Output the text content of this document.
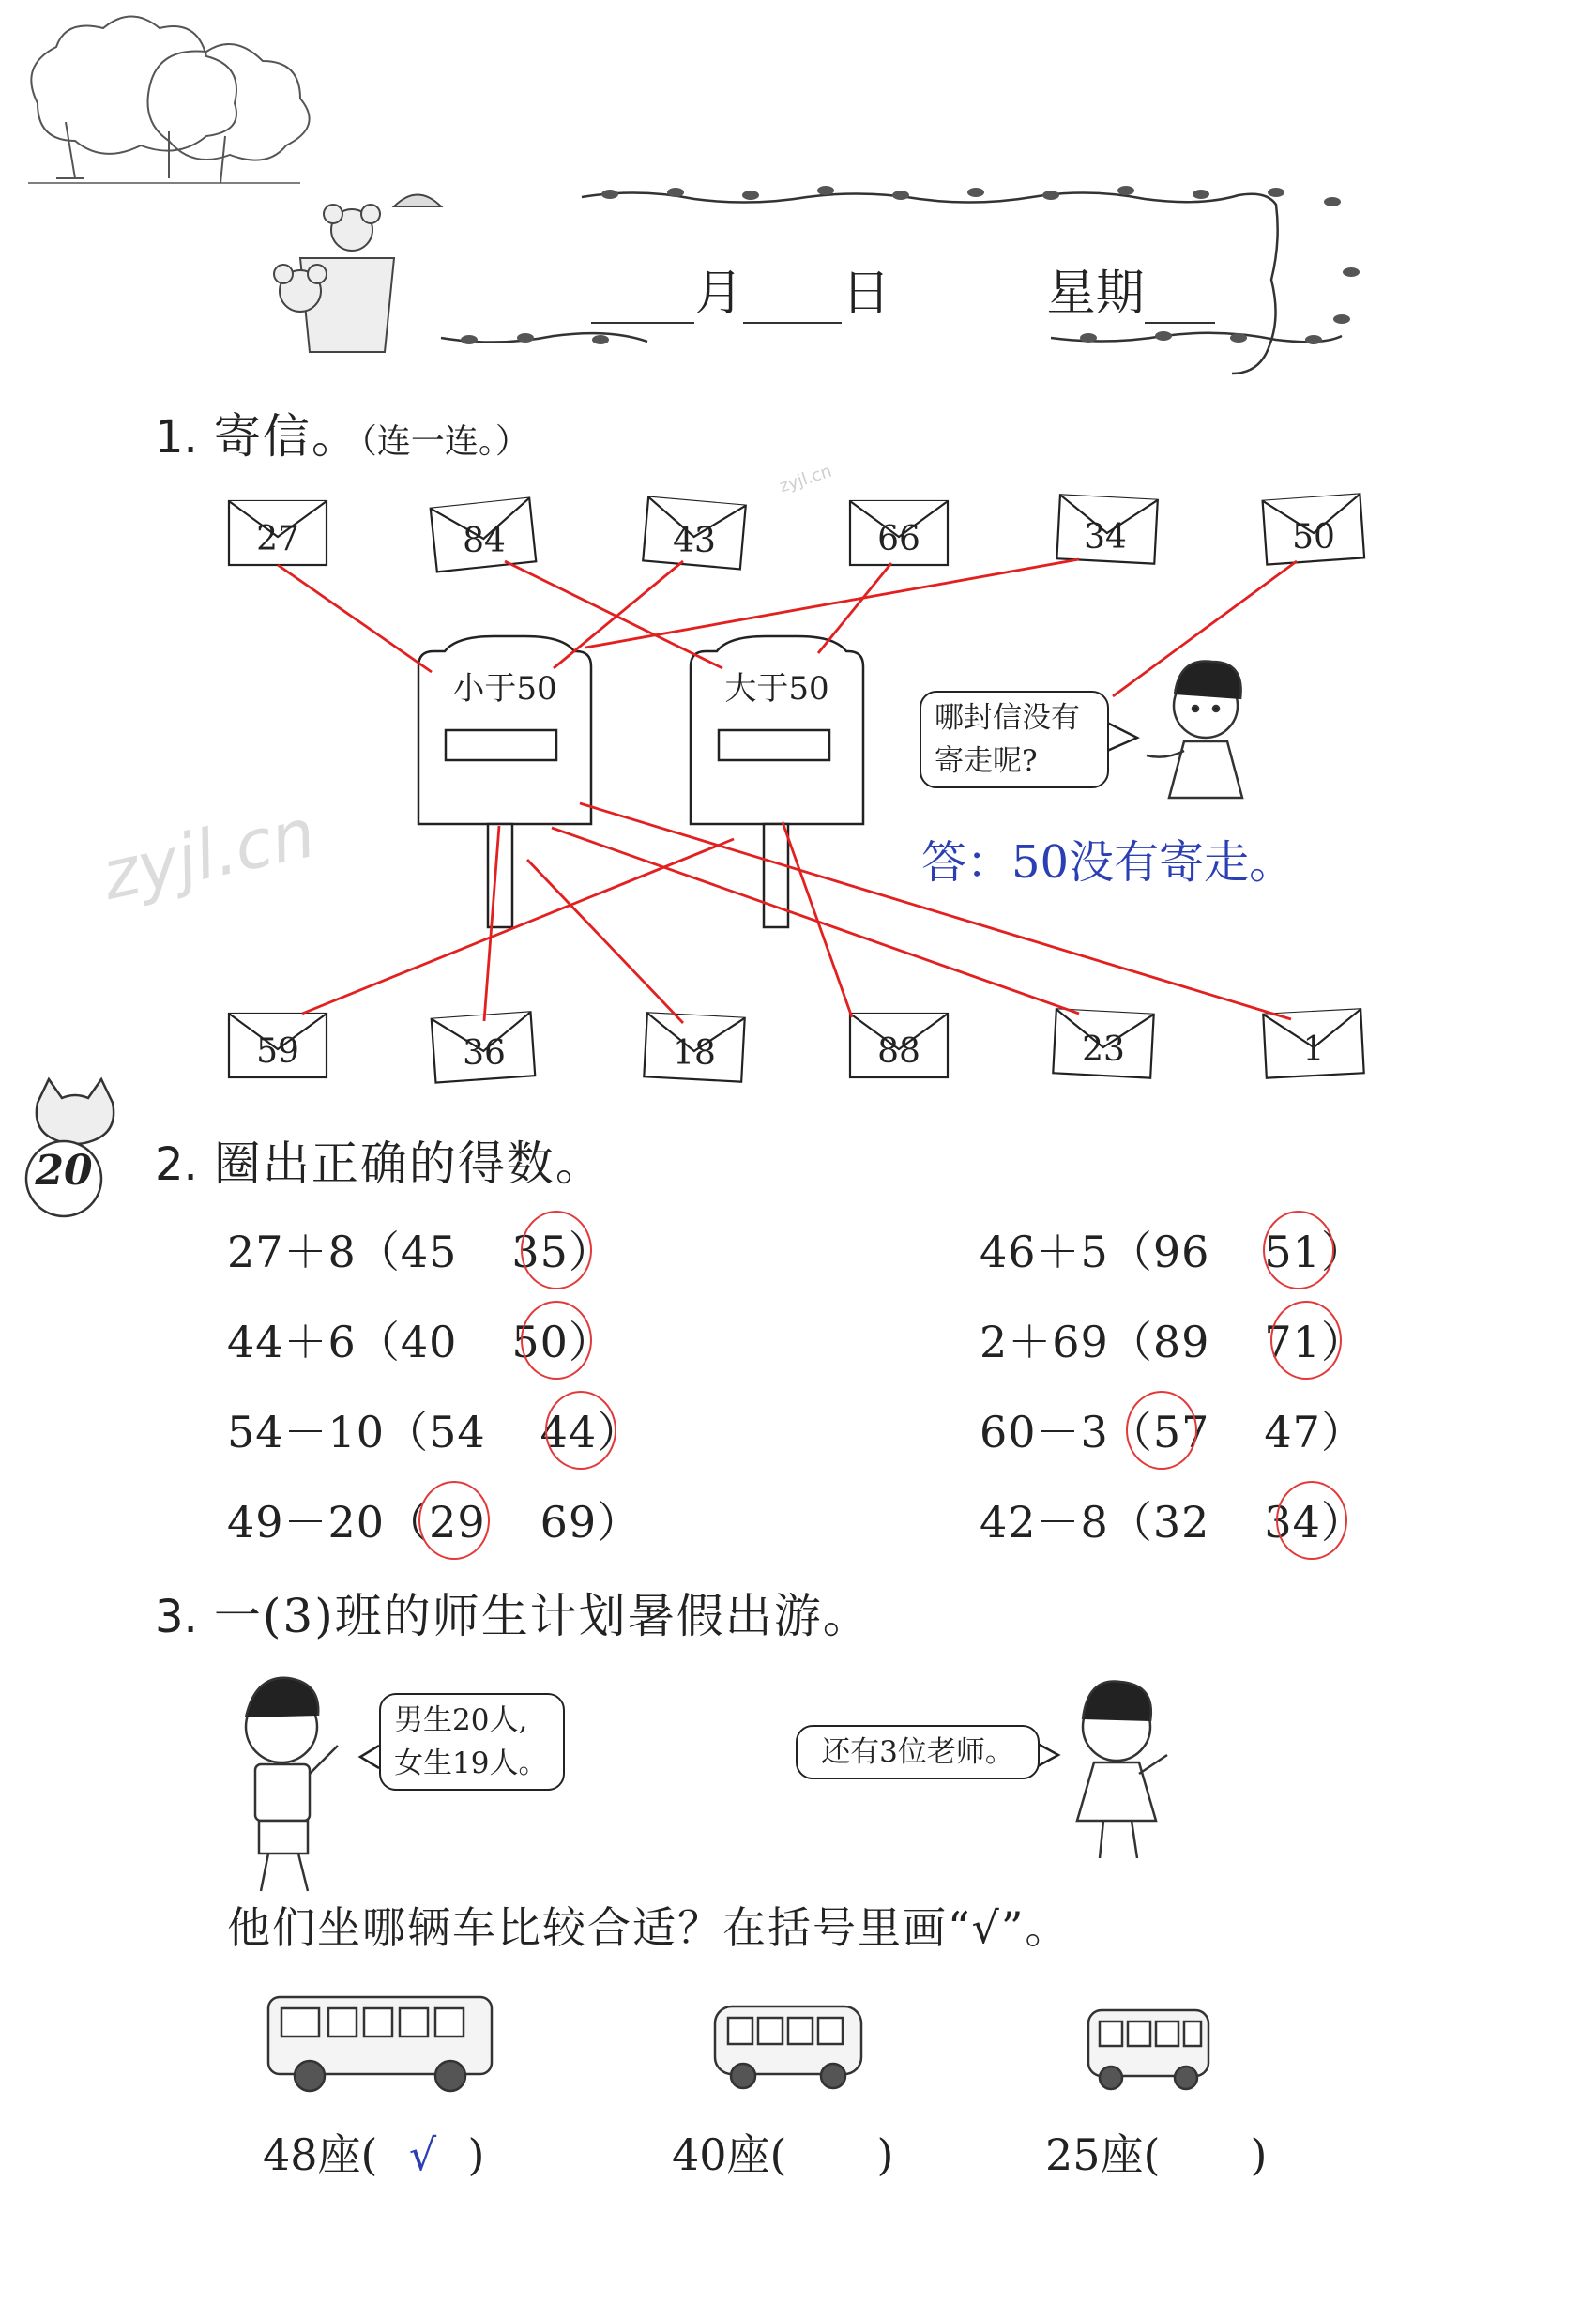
月 日	星期
20
zyjl.cn
zyjl.cn
1. 寄信。（连一连。）
27	84	43	66	34	50
59	36	18	88	23	1
小于50	大于50
哪封信没有
寄走呢?
答：50没有寄走。
2. 圈出正确的得数。
27＋8（45 35）
44＋6（40 50）
54－10（54 44）
49－20（29 69）
46＋5（96 51）
2＋69（89 71）
60－3（57 47）
42－8（32 34）
3. 一(3)班的师生计划暑假出游。
男生20人,
女生19人。	还有3位老师。
他们坐哪辆车比较合适？在括号里画“√”。
48座( √ )	40座( )	25座( )
